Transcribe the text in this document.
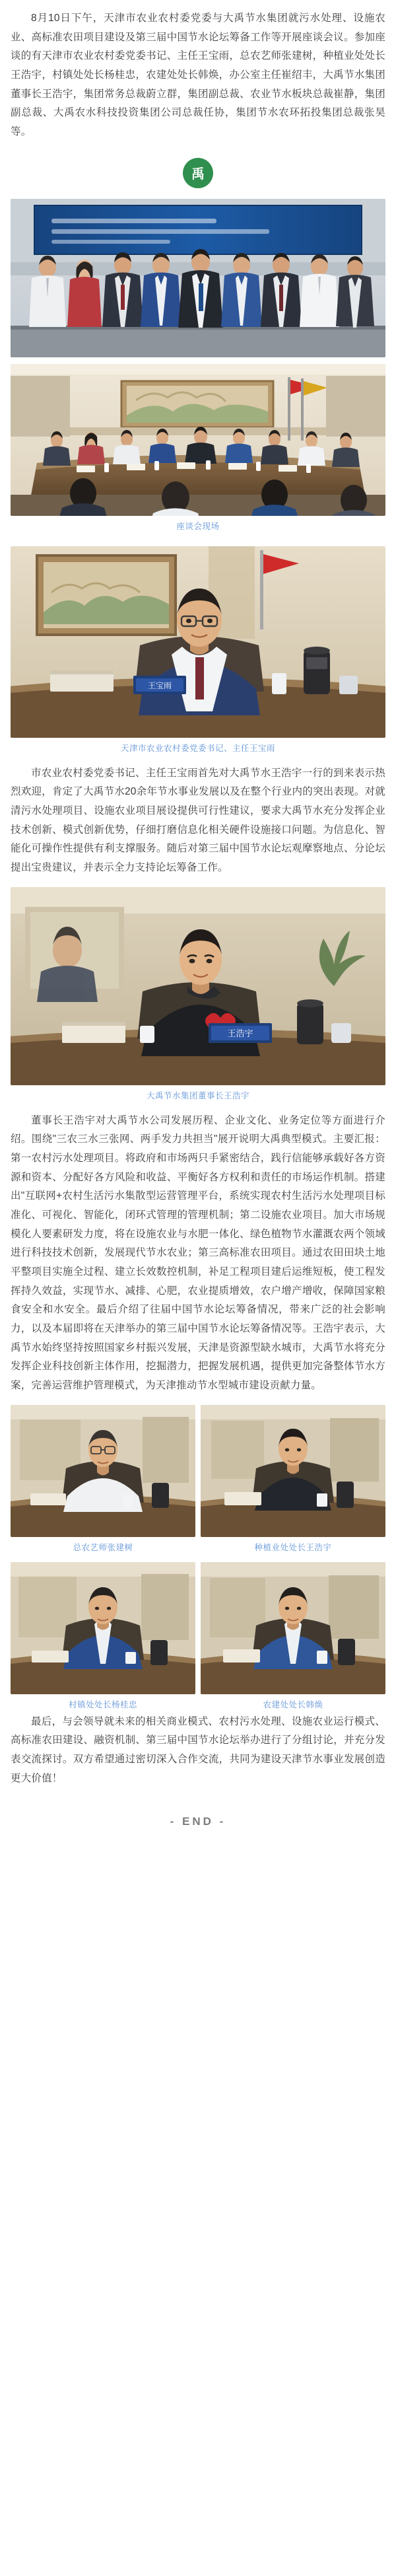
8月10日下午，天津市农业农村委党委与大禹节水集团就污水处理、设施农业、高标准农田项目建设及第三届中国节水论坛筹备工作等开展座谈会议。参加座谈的有天津市农业农村委党委书记、主任王宝雨，总农艺师张建树，种植业处处长王浩宇，村镇处处长杨桂忠，农建处处长韩焕，办公室主任崔绍丰，大禹节水集团董事长王浩宇，集团常务总裁蔚立群，集团副总裁、农业节水板块总裁崔静，集团副总裁、大禹农水科技投资集团公司总裁任协，集团节水农环拓投集团总裁张昊等。

禹
座谈会现场
王宝雨
天津市农业农村委党委书记、主任王宝雨

市农业农村委党委书记、主任王宝雨首先对大禹节水王浩宇一行的到来表示热烈欢迎，肯定了大禹节水20余年节水事业发展以及在整个行业内的突出表现。对就清污水处理项目、设施农业项目展设提供可行性建议，要求大禹节水充分发挥企业技术创新、模式创新优势，仔细打磨信息化相关硬件设施接口问题。为信息化、智能化可操作性提供有利支撑服务。随后对第三届中国节水论坛观摩察地点、分论坛提出宝贵建议，并表示全力支持论坛筹备工作。

王浩宇
大禹节水集团董事长王浩宇

董事长王浩宇对大禹节水公司发展历程、企业文化、业务定位等方面进行介绍。围绕"三农三水三张网、两手发力共担当"展开说明大禹典型模式。主要汇报：第一农村污水处理项目。将政府和市场两只手紧密结合，践行信能够承载好各方资源和资本、分配好各方风险和收益、平衡好各方权利和责任的市场运作机制。搭建出"互联网+农村生活污水集散型运营管理平台，系统实现农村生活污水处理项目标准化、可视化、智能化，闭环式管理的管理机制；第二设施农业项目。加大市场规模化人要素研发力度，将在设施农业与水肥一体化、绿色植物节水灌溉农两个领域进行科技技术创新，发展现代节水农业；第三高标准农田项目。通过农田田块土地平整项目实施全过程、建立长效数控机制，补足工程项目建后运维短板，使工程发挥持久效益，实现节水、减排、心肥，农业提质增效，农户增产增收，保障国家粮食安全和水安全。最后介绍了往届中国节水论坛筹备情况，带来广泛的社会影响力，以及本届即将在天津举办的第三届中国节水论坛筹备情况等。王浩宇表示，大禹节水始终坚持按照国家乡村振兴发展，天津是资源型缺水城市，大禹节水将充分发挥企业科技创新主体作用，挖掘潜力，把握发展机遇，提供更加完备整体节水方案，完善运营维护管理模式，为天津推动节水型城市建设贡献力量。

总农艺师张建树	种植业处处长王浩宇
村镇处处长杨桂忠	农建处处长韩焕

最后，与会领导就未来的相关商业模式、农村污水处理、设施农业运行模式、高标准农田建设、融资机制、第三届中国节水论坛举办进行了分组讨论，并充分发表交流探讨。双方希望通过密切深入合作交流，共同为建设天津节水事业发展创造更大价值！

- END -
